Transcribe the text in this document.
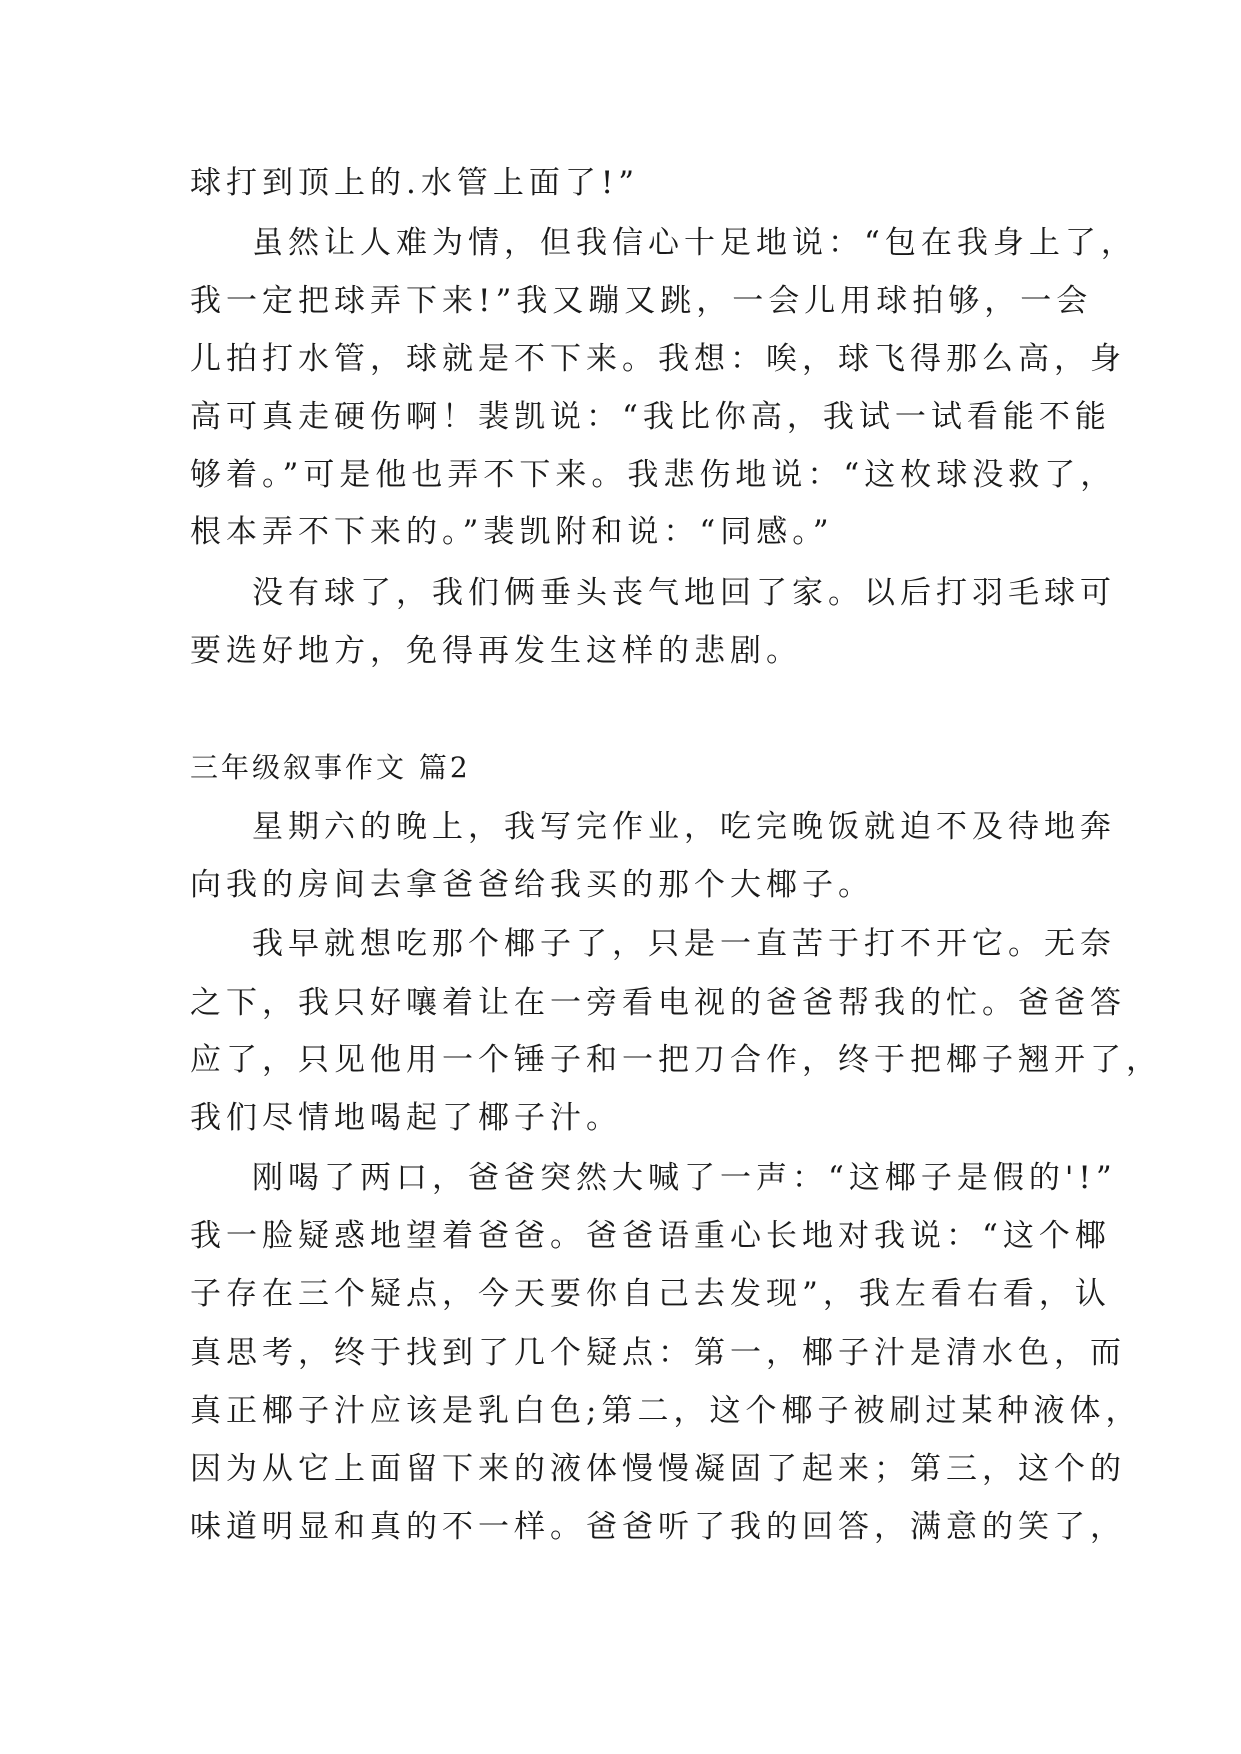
球打到顶上的.水管上面了!”

虽然让人难为情，但我信心十足地说：“包在我身上了，

我一定把球弄下来!”我又蹦又跳，一会儿用球拍够，一会

儿拍打水管，球就是不下来。我想：唉，球飞得那么高，身

高可真走硬伤啊！裴凯说：“我比你高，我试一试看能不能

够着。”可是他也弄不下来。我悲伤地说：“这枚球没救了，

根本弄不下来的。”裴凯附和说：“同感。”

没有球了，我们俩垂头丧气地回了家。以后打羽毛球可

要选好地方，免得再发生这样的悲剧。

三年级叙事作文 篇2

星期六的晚上，我写完作业，吃完晚饭就迫不及待地奔

向我的房间去拿爸爸给我买的那个大椰子。

我早就想吃那个椰子了，只是一直苦于打不开它。无奈

之下，我只好嚷着让在一旁看电视的爸爸帮我的忙。爸爸答

应了，只见他用一个锤子和一把刀合作，终于把椰子翘开了，

我们尽情地喝起了椰子汁。

刚喝了两口，爸爸突然大喊了一声：“这椰子是假的'!”

我一脸疑惑地望着爸爸。爸爸语重心长地对我说：“这个椰

子存在三个疑点，今天要你自己去发现”，我左看右看，认

真思考，终于找到了几个疑点：第一，椰子汁是清水色，而

真正椰子汁应该是乳白色;第二，这个椰子被刷过某种液体，

因为从它上面留下来的液体慢慢凝固了起来；第三，这个的

味道明显和真的不一样。爸爸听了我的回答，满意的笑了，
